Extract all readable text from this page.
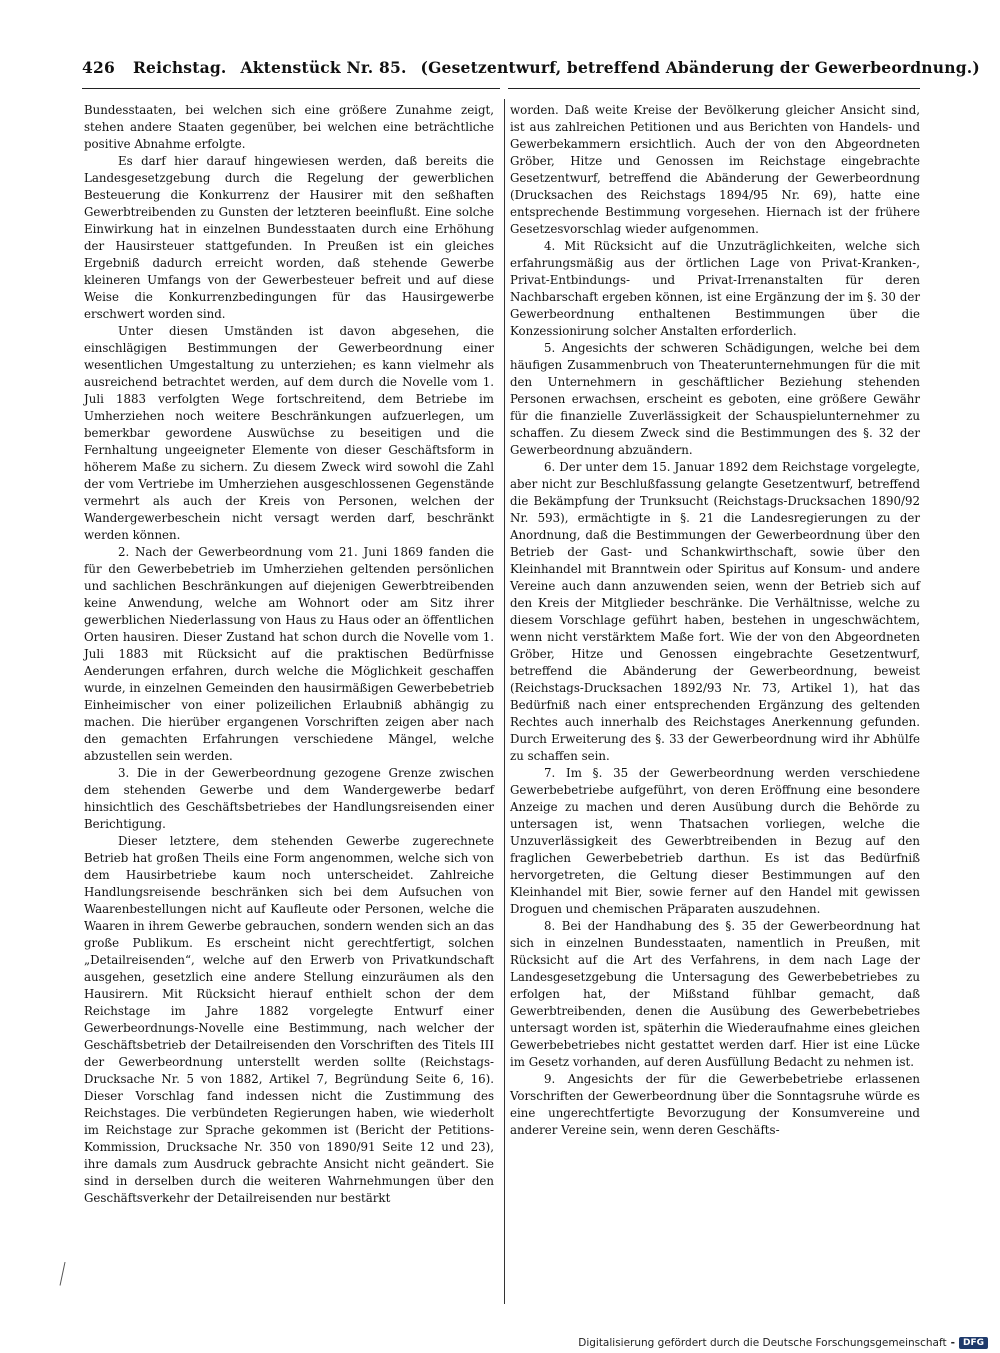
426 Reichstag. Aktenstück Nr. 85. (Gesetzentwurf, betreffend Abänderung der Gewerbeordnung.)

Bundesstaaten, bei welchen sich eine größere Zunahme zeigt, stehen andere Staaten gegenüber, bei welchen eine beträchtliche positive Abnahme erfolgte.

Es darf hier darauf hingewiesen werden, daß bereits die Landesgesetzgebung durch die Regelung der gewerblichen Besteuerung die Konkurrenz der Hausirer mit den seßhaften Gewerbtreibenden zu Gunsten der letzteren beeinflußt. Eine solche Einwirkung hat in einzelnen Bundesstaaten durch eine Erhöhung der Hausirsteuer stattgefunden. In Preußen ist ein gleiches Ergebniß dadurch erreicht worden, daß stehende Gewerbe kleineren Umfangs von der Gewerbesteuer befreit und auf diese Weise die Konkurrenzbedingungen für das Hausirgewerbe erschwert worden sind.

Unter diesen Umständen ist davon abgesehen, die einschlägigen Bestimmungen der Gewerbeordnung einer wesentlichen Umgestaltung zu unterziehen; es kann vielmehr als ausreichend betrachtet werden, auf dem durch die Novelle vom 1. Juli 1883 verfolgten Wege fortschreitend, dem Betriebe im Umherziehen noch weitere Beschränkungen aufzuerlegen, um bemerkbar gewordene Auswüchse zu beseitigen und die Fernhaltung ungeeigneter Elemente von dieser Geschäftsform in höherem Maße zu sichern. Zu diesem Zweck wird sowohl die Zahl der vom Vertriebe im Umherziehen ausgeschlossenen Gegenstände vermehrt als auch der Kreis von Personen, welchen der Wandergewerbeschein nicht versagt werden darf, beschränkt werden können.

2. Nach der Gewerbeordnung vom 21. Juni 1869 fanden die für den Gewerbebetrieb im Umherziehen geltenden persönlichen und sachlichen Beschränkungen auf diejenigen Gewerbtreibenden keine Anwendung, welche am Wohnort oder am Sitz ihrer gewerblichen Niederlassung von Haus zu Haus oder an öffentlichen Orten hausiren. Dieser Zustand hat schon durch die Novelle vom 1. Juli 1883 mit Rücksicht auf die praktischen Bedürfnisse Aenderungen erfahren, durch welche die Möglichkeit geschaffen wurde, in einzelnen Gemeinden den hausirmäßigen Gewerbebetrieb Einheimischer von einer polizeilichen Erlaubniß abhängig zu machen. Die hierüber ergangenen Vorschriften zeigen aber nach den gemachten Erfahrungen verschiedene Mängel, welche abzustellen sein werden.

3. Die in der Gewerbeordnung gezogene Grenze zwischen dem stehenden Gewerbe und dem Wandergewerbe bedarf hinsichtlich des Geschäftsbetriebes der Handlungsreisenden einer Berichtigung.

Dieser letztere, dem stehenden Gewerbe zugerechnete Betrieb hat großen Theils eine Form angenommen, welche sich von dem Hausirbetriebe kaum noch unterscheidet. Zahlreiche Handlungsreisende beschränken sich bei dem Aufsuchen von Waarenbestellungen nicht auf Kaufleute oder Personen, welche die Waaren in ihrem Gewerbe gebrauchen, sondern wenden sich an das große Publikum. Es erscheint nicht gerechtfertigt, solchen „Detailreisenden“, welche auf den Erwerb von Privatkundschaft ausgehen, gesetzlich eine andere Stellung einzuräumen als den Hausirern. Mit Rücksicht hierauf enthielt schon der dem Reichstage im Jahre 1882 vorgelegte Entwurf einer Gewerbeordnungs-Novelle eine Bestimmung, nach welcher der Geschäftsbetrieb der Detailreisenden den Vorschriften des Titels III der Gewerbeordnung unterstellt werden sollte (Reichstags-Drucksache Nr. 5 von 1882, Artikel 7, Begründung Seite 6, 16). Dieser Vorschlag fand indessen nicht die Zustimmung des Reichstages. Die verbündeten Regierungen haben, wie wiederholt im Reichstage zur Sprache gekommen ist (Bericht der Petitions-Kommission, Drucksache Nr. 350 von 1890/91 Seite 12 und 23), ihre damals zum Ausdruck gebrachte Ansicht nicht geändert. Sie sind in derselben durch die weiteren Wahrnehmungen über den Geschäftsverkehr der Detailreisenden nur bestärkt

worden. Daß weite Kreise der Bevölkerung gleicher Ansicht sind, ist aus zahlreichen Petitionen und aus Berichten von Handels- und Gewerbekammern ersichtlich. Auch der von den Abgeordneten Gröber, Hitze und Genossen im Reichstage eingebrachte Gesetzentwurf, betreffend die Abänderung der Gewerbeordnung (Drucksachen des Reichstags 1894/95 Nr. 69), hatte eine entsprechende Bestimmung vorgesehen. Hiernach ist der frühere Gesetzesvorschlag wieder aufgenommen.

4. Mit Rücksicht auf die Unzuträglichkeiten, welche sich erfahrungsmäßig aus der örtlichen Lage von Privat-Kranken-, Privat-Entbindungs- und Privat-Irrenanstalten für deren Nachbarschaft ergeben können, ist eine Ergänzung der im §. 30 der Gewerbeordnung enthaltenen Bestimmungen über die Konzessionirung solcher Anstalten erforderlich.

5. Angesichts der schweren Schädigungen, welche bei dem häufigen Zusammenbruch von Theaterunternehmungen für die mit den Unternehmern in geschäftlicher Beziehung stehenden Personen erwachsen, erscheint es geboten, eine größere Gewähr für die finanzielle Zuverlässigkeit der Schauspielunternehmer zu schaffen. Zu diesem Zweck sind die Bestimmungen des §. 32 der Gewerbeordnung abzuändern.

6. Der unter dem 15. Januar 1892 dem Reichstage vorgelegte, aber nicht zur Beschlußfassung gelangte Gesetzentwurf, betreffend die Bekämpfung der Trunksucht (Reichstags-Drucksachen 1890/92 Nr. 593), ermächtigte in §. 21 die Landesregierungen zu der Anordnung, daß die Bestimmungen der Gewerbeordnung über den Betrieb der Gast- und Schankwirthschaft, sowie über den Kleinhandel mit Branntwein oder Spiritus auf Konsum- und andere Vereine auch dann anzuwenden seien, wenn der Betrieb sich auf den Kreis der Mitglieder beschränke. Die Verhältnisse, welche zu diesem Vorschlage geführt haben, bestehen in ungeschwächtem, wenn nicht verstärktem Maße fort. Wie der von den Abgeordneten Gröber, Hitze und Genossen eingebrachte Gesetzentwurf, betreffend die Abänderung der Gewerbeordnung, beweist (Reichstags-Drucksachen 1892/93 Nr. 73, Artikel 1), hat das Bedürfniß nach einer entsprechenden Ergänzung des geltenden Rechtes auch innerhalb des Reichstages Anerkennung gefunden. Durch Erweiterung des §. 33 der Gewerbeordnung wird ihr Abhülfe zu schaffen sein.

7. Im §. 35 der Gewerbeordnung werden verschiedene Gewerbebetriebe aufgeführt, von deren Eröffnung eine besondere Anzeige zu machen und deren Ausübung durch die Behörde zu untersagen ist, wenn Thatsachen vorliegen, welche die Unzuverlässigkeit des Gewerbtreibenden in Bezug auf den fraglichen Gewerbebetrieb darthun. Es ist das Bedürfniß hervorgetreten, die Geltung dieser Bestimmungen auf den Kleinhandel mit Bier, sowie ferner auf den Handel mit gewissen Droguen und chemischen Präparaten auszudehnen.

8. Bei der Handhabung des §. 35 der Gewerbeordnung hat sich in einzelnen Bundesstaaten, namentlich in Preußen, mit Rücksicht auf die Art des Verfahrens, in dem nach Lage der Landesgesetzgebung die Untersagung des Gewerbebetriebes zu erfolgen hat, der Mißstand fühlbar gemacht, daß Gewerbtreibenden, denen die Ausübung des Gewerbebetriebes untersagt worden ist, späterhin die Wiederaufnahme eines gleichen Gewerbebetriebes nicht gestattet werden darf. Hier ist eine Lücke im Gesetz vorhanden, auf deren Ausfüllung Bedacht zu nehmen ist.

9. Angesichts der für die Gewerbebetriebe erlassenen Vorschriften der Gewerbeordnung über die Sonntagsruhe würde es eine ungerechtfertigte Bevorzugung der Konsumvereine und anderer Vereine sein, wenn deren Geschäfts-

Digitalisierung gefördert durch die Deutsche Forschungsgemeinschaft - DFG
